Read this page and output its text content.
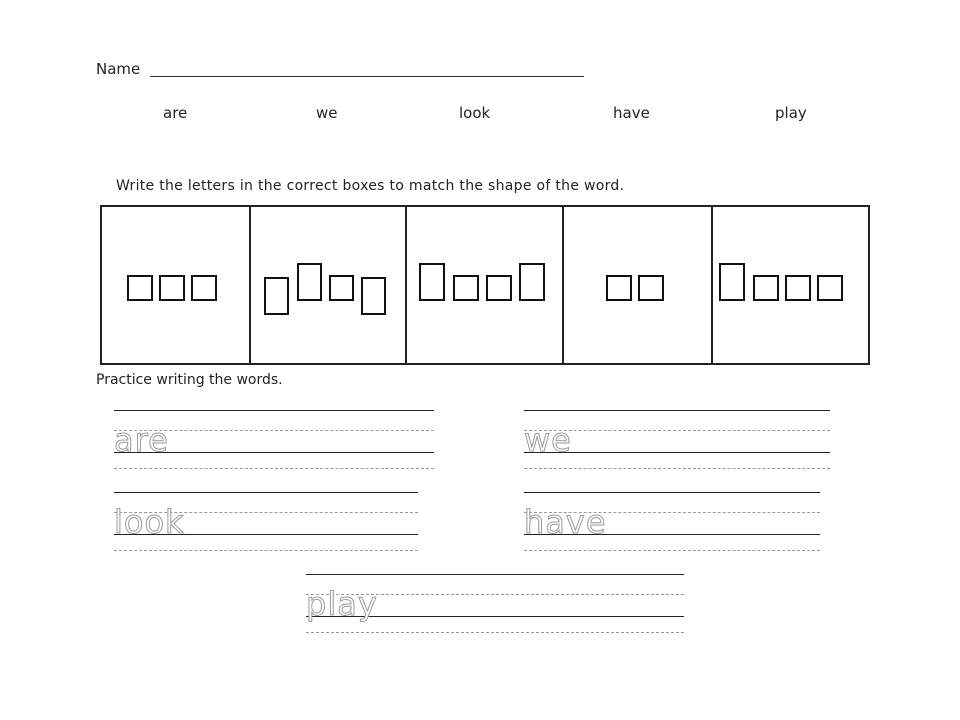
Name
are	we	look	have	play
Write the letters in the correct boxes to match the shape of the word.
Practice writing the words.
are	we
look	have
play
